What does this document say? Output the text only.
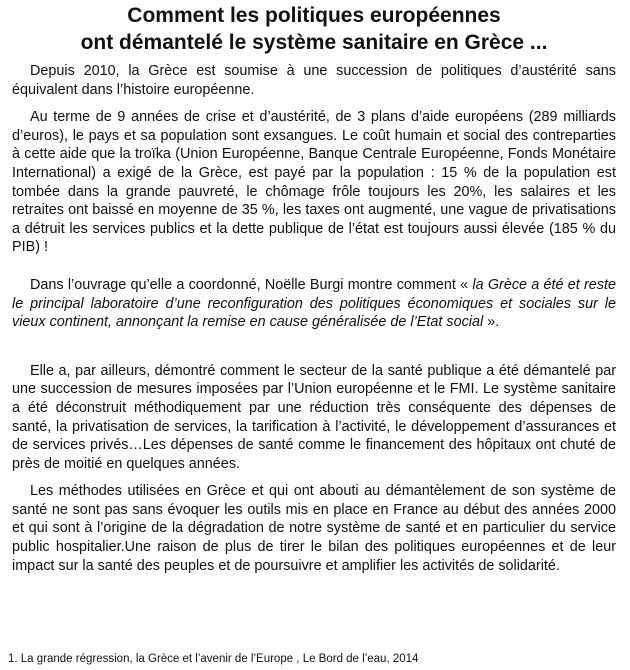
Comment les politiques européennes
ont démantelé le système sanitaire en Grèce ...

Depuis 2010, la Grèce est soumise à une succession de politiques d’austérité sans équivalent dans l’histoire européenne.

Au terme de 9 années de crise et d’austérité, de 3 plans d’aide européens (289 milliards d’euros), le pays et sa population sont exsangues. Le coût humain et social des contreparties à cette aide que la troïka (Union Européenne, Banque Centrale Européenne, Fonds Monétaire International) a exigé de la Grèce, est payé par la population : 15 % de la population est tombée dans la grande pauvreté, le chômage frôle toujours les 20%, les salaires et les retraites ont baissé en moyenne de 35 %, les taxes ont augmenté, une vague de privatisations a détruit les services publics et la dette publique de l’état est toujours aussi élevée (185 % du PIB) !

Dans l’ouvrage qu’elle a coordonné, Noëlle Burgi montre comment « la Grèce a été et reste le principal laboratoire d’une reconfiguration des politiques économiques et sociales sur le vieux continent, annonçant la remise en cause généralisée de l’Etat social ».

Elle a, par ailleurs, démontré comment le secteur de la santé publique a été démantelé par une succession de mesures imposées par l’Union européenne et le FMI. Le système sanitaire a été déconstruit méthodiquement par une réduction très conséquente des dépenses de santé, la privatisation de services, la tarification à l’activité, le développement d’assurances et de services privés…Les dépenses de santé comme le financement des hôpitaux ont chuté de près de moitié en quelques années.

Les méthodes utilisées en Grèce et qui ont abouti au démantèlement de son système de santé ne sont pas sans évoquer les outils mis en place en France au début des années 2000 et qui sont à l’origine de la dégradation de notre système de santé et en particulier du service public hospitalier.Une raison de plus de tirer le bilan des politiques européennes et de leur impact sur la santé des peuples et de poursuivre et amplifier les activités de solidarité.

1. La grande régression, la Grèce et l’avenir de l’Europe , Le Bord de l’eau, 2014
